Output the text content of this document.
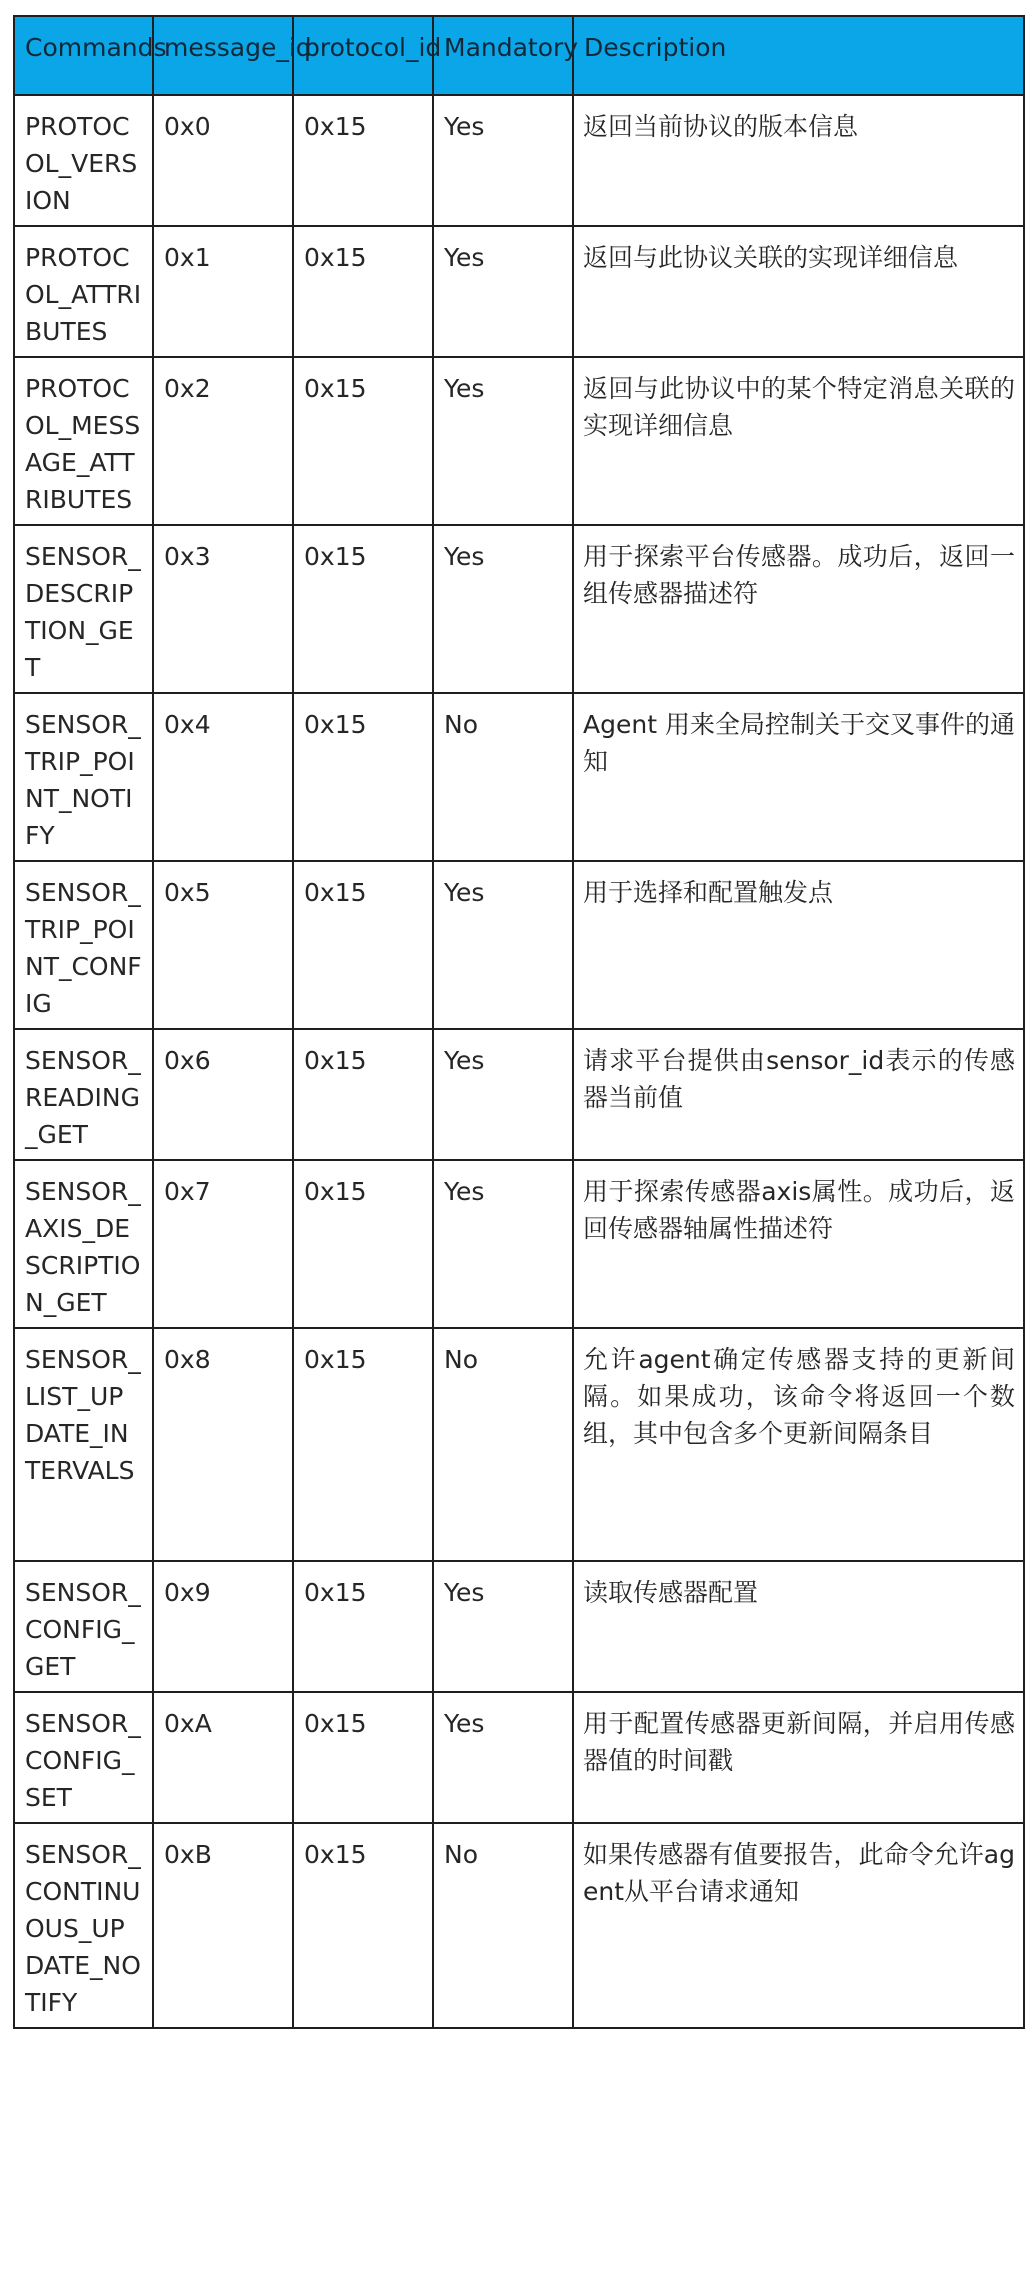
Commands	message_id	protocol_id	Mandatory	Description
PROTOCOL_VERSION	0x0	0x15	Yes	返回当前协议的版本信息
PROTOCOL_ATTRIBUTES	0x1	0x15	Yes	返回与此协议关联的实现详细信息
PROTOCOL_MESSAGE_ATTRIBUTES	0x2	0x15	Yes	返回与此协议中的某个特定消息关联的实现详细信息
SENSOR_ DESCRIPTION_GET	0x3	0x15	Yes	用于探索平台传感器。成功后，返回一组传感器描述符
SENSOR_TRIP_POINT_NOTIFY	0x4	0x15	No	Agent 用来全局控制关于交叉事件的通知
SENSOR_TRIP_POINT_CONFIG	0x5	0x15	Yes	用于选择和配置触发点
SENSOR_READING_GET	0x6	0x15	Yes	请求平台提供由sensor_id表示的传感器当前值
SENSOR_ AXIS_DESCRIPTION_GET	0x7	0x15	Yes	用于探索传感器axis属性。成功后，返回传感器轴属性描述符
SENSOR_LIST_UPDATE_INTERVALS	0x8	0x15	No	允许agent确定传感器支持的更新间隔。如果成功，该命令将返回一个数组，其中包含多个更新间隔条目
SENSOR_CONFIG_GET	0x9	0x15	Yes	读取传感器配置
SENSOR_CONFIG_SET	0xA	0x15	Yes	用于配置传感器更新间隔，并启用传感器值的时间戳
SENSOR_CONTINUOUS_UPDATE_NOTIFY	0xB	0x15	No	如果传感器有值要报告，此命令允许agent从平台请求通知
